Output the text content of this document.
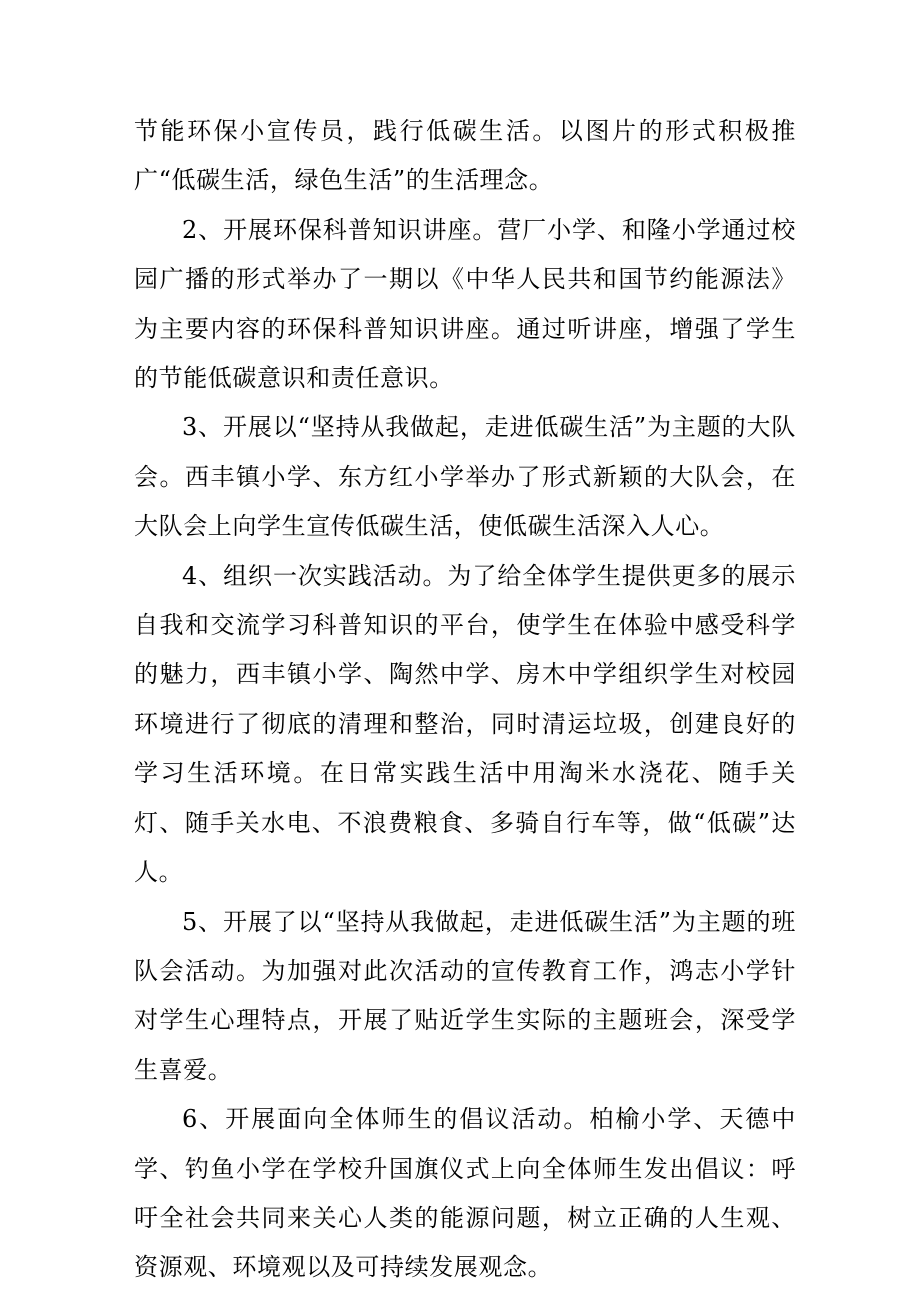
节能环保小宣传员，践行低碳生活。以图片的形式积极推广“低碳生活，绿色生活”的生活理念。

2、开展环保科普知识讲座。营厂小学、和隆小学通过校园广播的形式举办了一期以《中华人民共和国节约能源法》为主要内容的环保科普知识讲座。通过听讲座，增强了学生的节能低碳意识和责任意识。

3、开展以“坚持从我做起，走进低碳生活”为主题的大队会。西丰镇小学、东方红小学举办了形式新颖的大队会，在大队会上向学生宣传低碳生活，使低碳生活深入人心。

4、组织一次实践活动。为了给全体学生提供更多的展示自我和交流学习科普知识的平台，使学生在体验中感受科学的魅力，西丰镇小学、陶然中学、房木中学组织学生对校园环境进行了彻底的清理和整治，同时清运垃圾，创建良好的学习生活环境。在日常实践生活中用淘米水浇花、随手关灯、随手关水电、不浪费粮食、多骑自行车等，做“低碳”达人。

5、开展了以“坚持从我做起，走进低碳生活”为主题的班队会活动。为加强对此次活动的宣传教育工作，鸿志小学针对学生心理特点，开展了贴近学生实际的主题班会，深受学生喜爱。

6、开展面向全体师生的倡议活动。柏榆小学、天德中学、钓鱼小学在学校升国旗仪式上向全体师生发出倡议：呼吁全社会共同来关心人类的能源问题，树立正确的人生观、资源观、环境观以及可持续发展观念。
